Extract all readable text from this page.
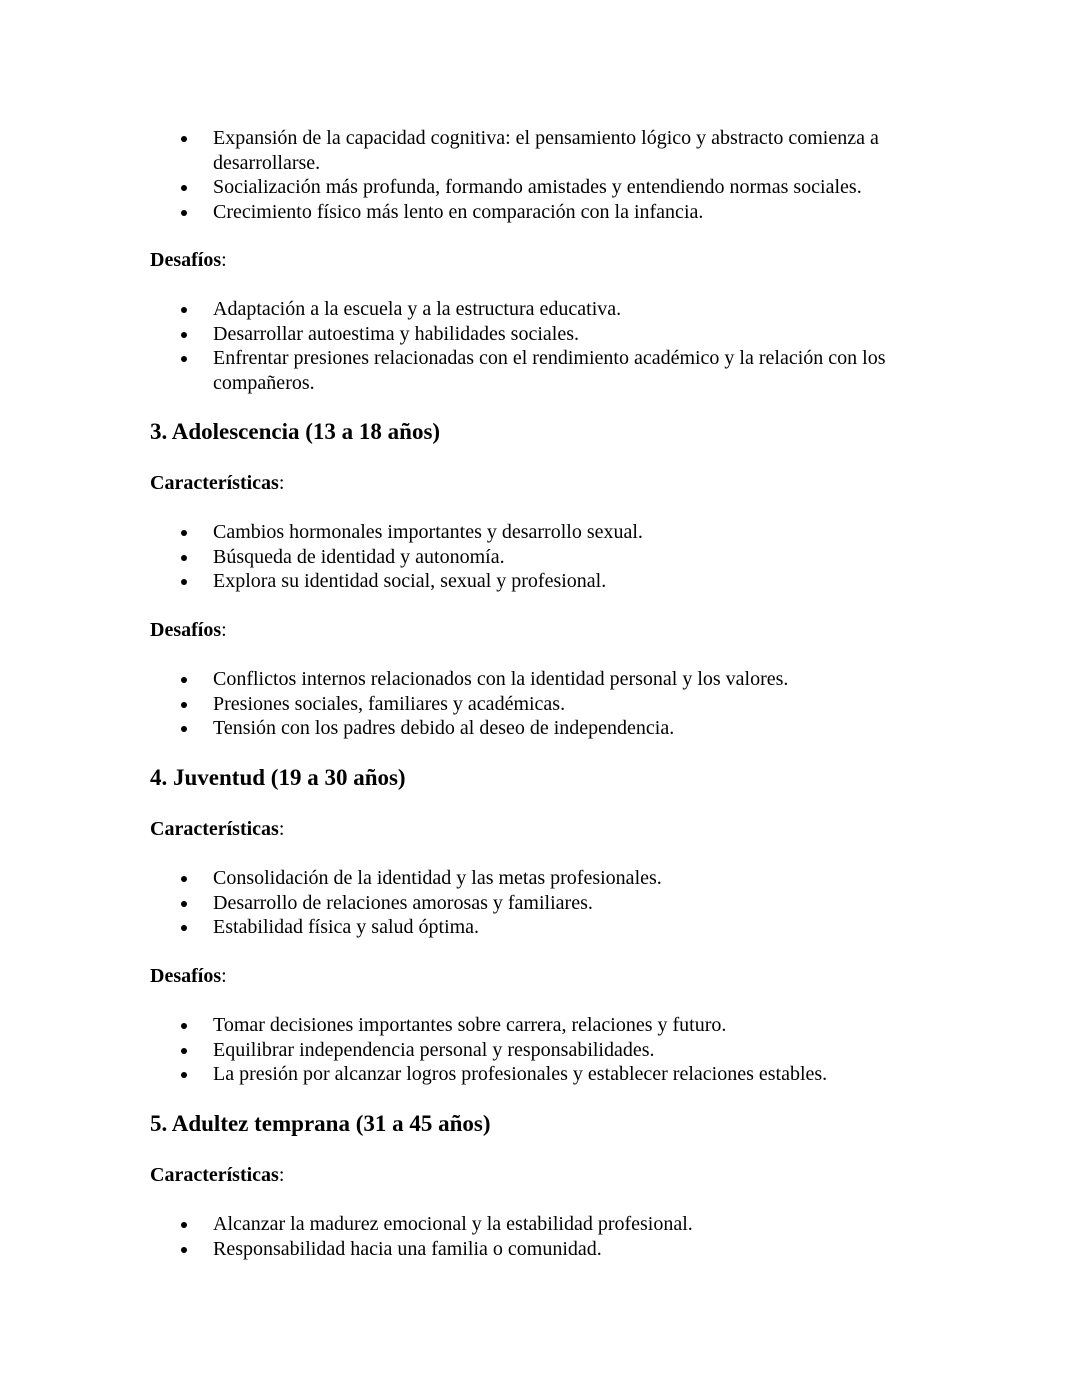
Expansión de la capacidad cognitiva: el pensamiento lógico y abstracto comienza a desarrollarse.
Socialización más profunda, formando amistades y entendiendo normas sociales.
Crecimiento físico más lento en comparación con la infancia.
Desafíos:
Adaptación a la escuela y a la estructura educativa.
Desarrollar autoestima y habilidades sociales.
Enfrentar presiones relacionadas con el rendimiento académico y la relación con los compañeros.
3. Adolescencia (13 a 18 años)
Características:
Cambios hormonales importantes y desarrollo sexual.
Búsqueda de identidad y autonomía.
Explora su identidad social, sexual y profesional.
Desafíos:
Conflictos internos relacionados con la identidad personal y los valores.
Presiones sociales, familiares y académicas.
Tensión con los padres debido al deseo de independencia.
4. Juventud (19 a 30 años)
Características:
Consolidación de la identidad y las metas profesionales.
Desarrollo de relaciones amorosas y familiares.
Estabilidad física y salud óptima.
Desafíos:
Tomar decisiones importantes sobre carrera, relaciones y futuro.
Equilibrar independencia personal y responsabilidades.
La presión por alcanzar logros profesionales y establecer relaciones estables.
5. Adultez temprana (31 a 45 años)
Características:
Alcanzar la madurez emocional y la estabilidad profesional.
Responsabilidad hacia una familia o comunidad.
